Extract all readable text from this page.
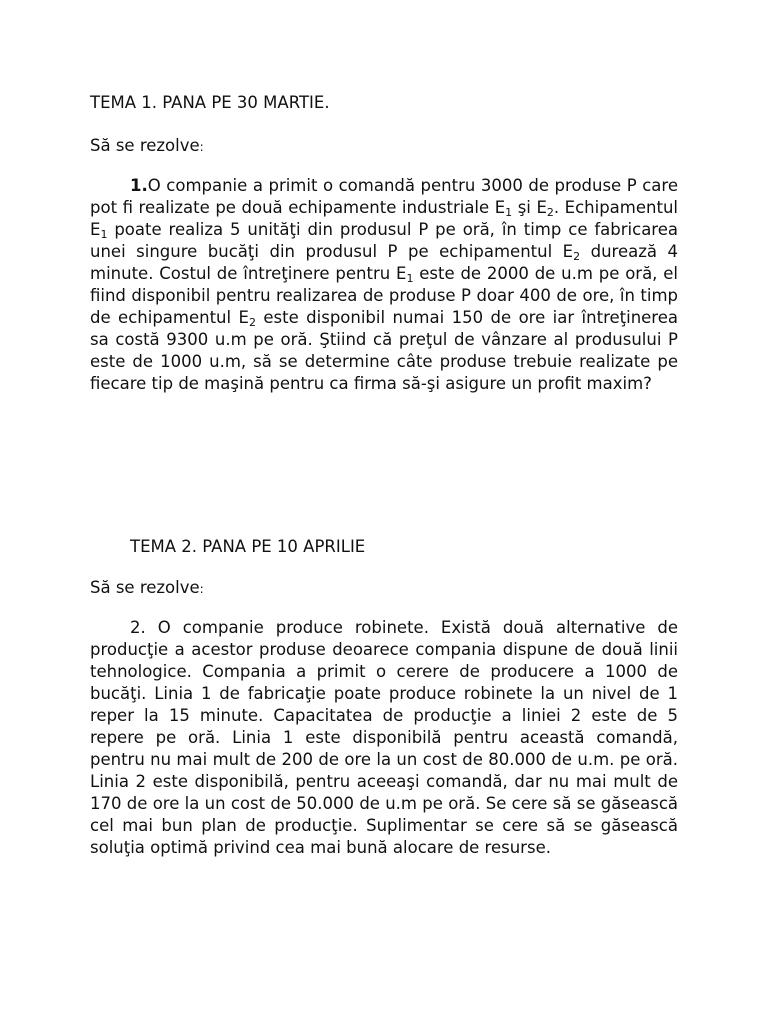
TEMA 1. PANA PE 30 MARTIE.

Să se rezolve:

1.O companie a primit o comandă pentru 3000 de produse P care pot fi realizate pe două echipamente industriale $E_1$ şi $E_2$. Echipamentul $E_1$ poate realiza 5 unităţi din produsul P pe oră, în timp ce fabricarea unei singure bucăţi din produsul P pe echipamentul $E_2$ durează 4 minute. Costul de întreţinere pentru $E_1$ este de 2000 de u.m pe oră, el fiind disponibil pentru realizarea de produse P doar 400 de ore, în timp de echipamentul $E_2$ este disponibil numai 150 de ore iar întreţinerea sa costă 9300 u.m pe oră. Ştiind că preţul de vânzare al produsului P este de 1000 u.m, să se determine câte produse trebuie realizate pe fiecare tip de maşină pentru ca firma să-şi asigure un profit maxim?

TEMA 2. PANA PE 10 APRILIE

Să se rezolve:

2. O companie produce robinete. Există două alternative de producţie a acestor produse deoarece compania dispune de două linii tehnologice. Compania a primit o cerere de producere a 1000 de bucăţi. Linia 1 de fabricaţie poate produce robinete la un nivel de 1 reper la 15 minute. Capacitatea de producţie a liniei 2 este de 5 repere pe oră. Linia 1 este disponibilă pentru această comandă, pentru nu mai mult de 200 de ore la un cost de 80.000 de u.m. pe oră. Linia 2 este disponibilă, pentru aceeaşi comandă, dar nu mai mult de 170 de ore la un cost de 50.000 de u.m pe oră. Se cere să se găsească cel mai bun plan de producţie. Suplimentar se cere să se găsească soluţia optimă privind cea mai bună alocare de resurse.
